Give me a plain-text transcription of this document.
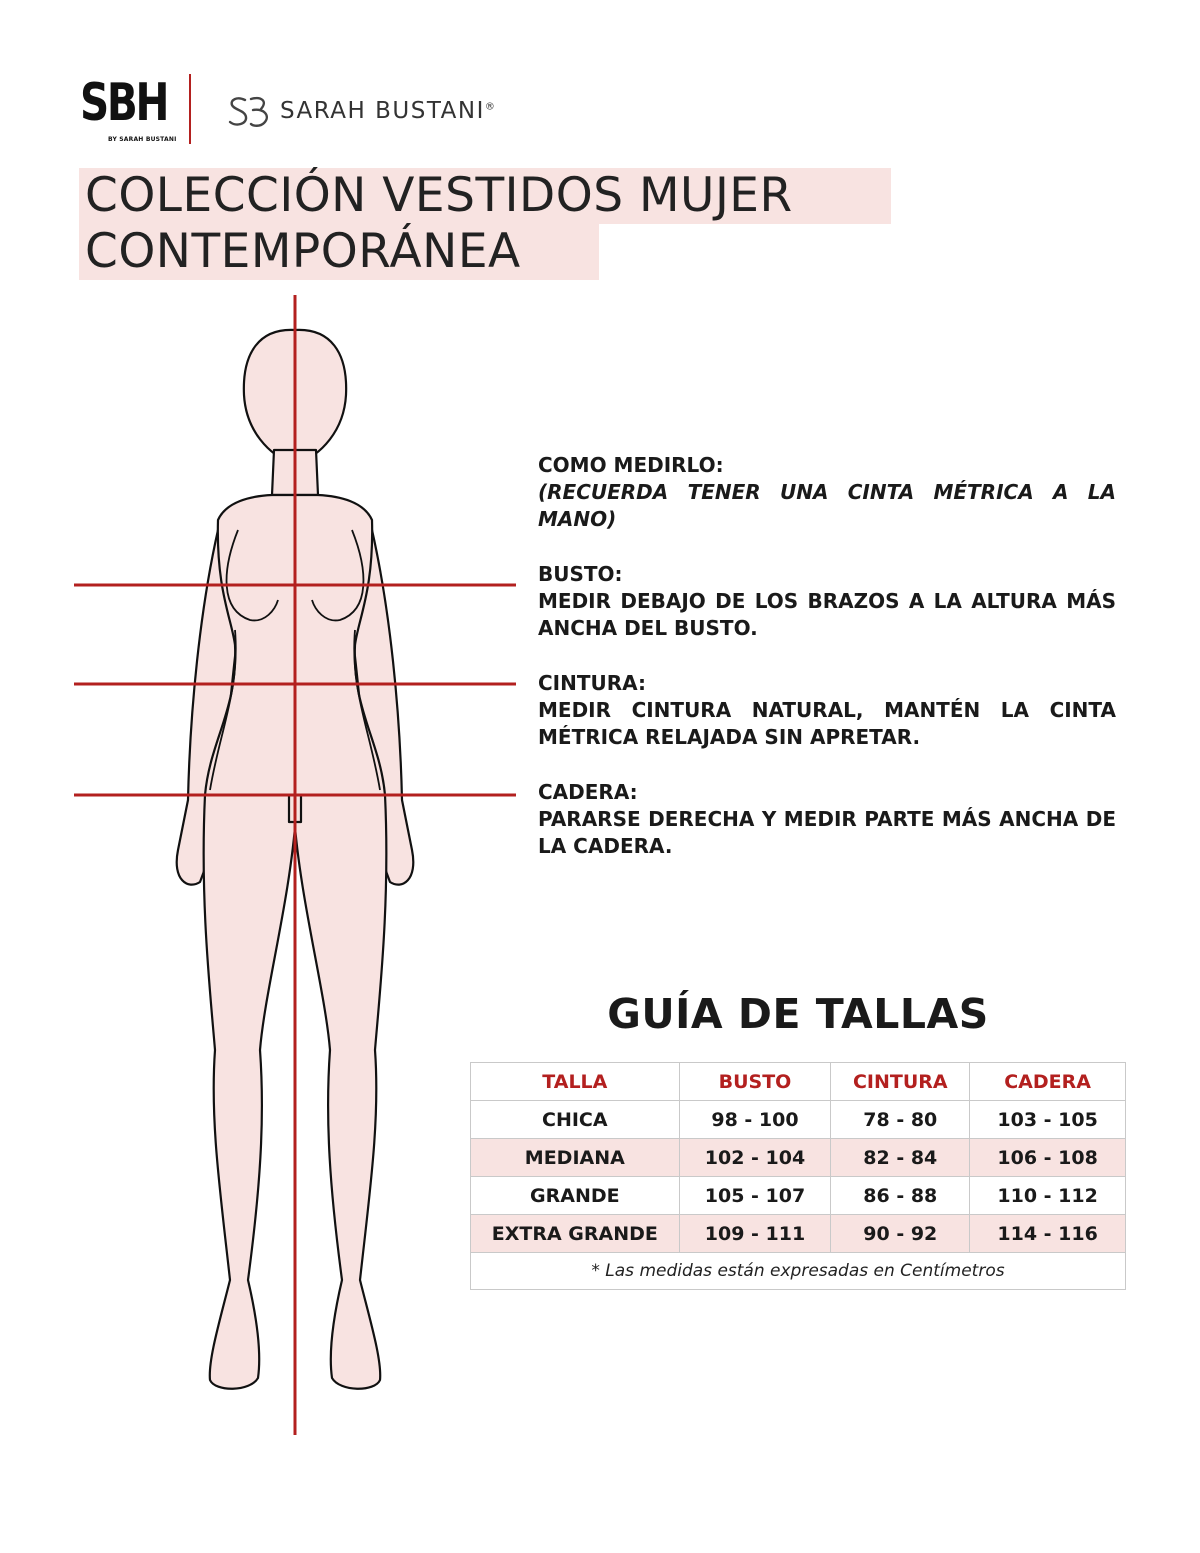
SBH
BY SARAH BUSTANI
SARAH BUSTANI®
COLECCIÓN VESTIDOS MUJER
CONTEMPORÁNEA

COMO MEDIRLO:

(RECUERDA TENER UNA CINTA MÉTRICA A LA MANO)

BUSTO:

MEDIR DEBAJO DE LOS BRAZOS A LA ALTURA MÁS ANCHA DEL BUSTO.

CINTURA:

MEDIR CINTURA NATURAL, MANTÉN LA CINTA MÉTRICA RELAJADA SIN APRETAR.

CADERA:

PARARSE DERECHA Y MEDIR PARTE MÁS ANCHA DE LA CADERA.

GUÍA DE TALLAS
TALLA	BUSTO	CINTURA	CADERA
CHICA	98 - 100	78 - 80	103 - 105
MEDIANA	102 - 104	82 - 84	106 - 108
GRANDE	105 - 107	86 - 88	110 - 112
EXTRA GRANDE	109 - 111	90 - 92	114 - 116
* Las medidas están expresadas en Centímetros			
